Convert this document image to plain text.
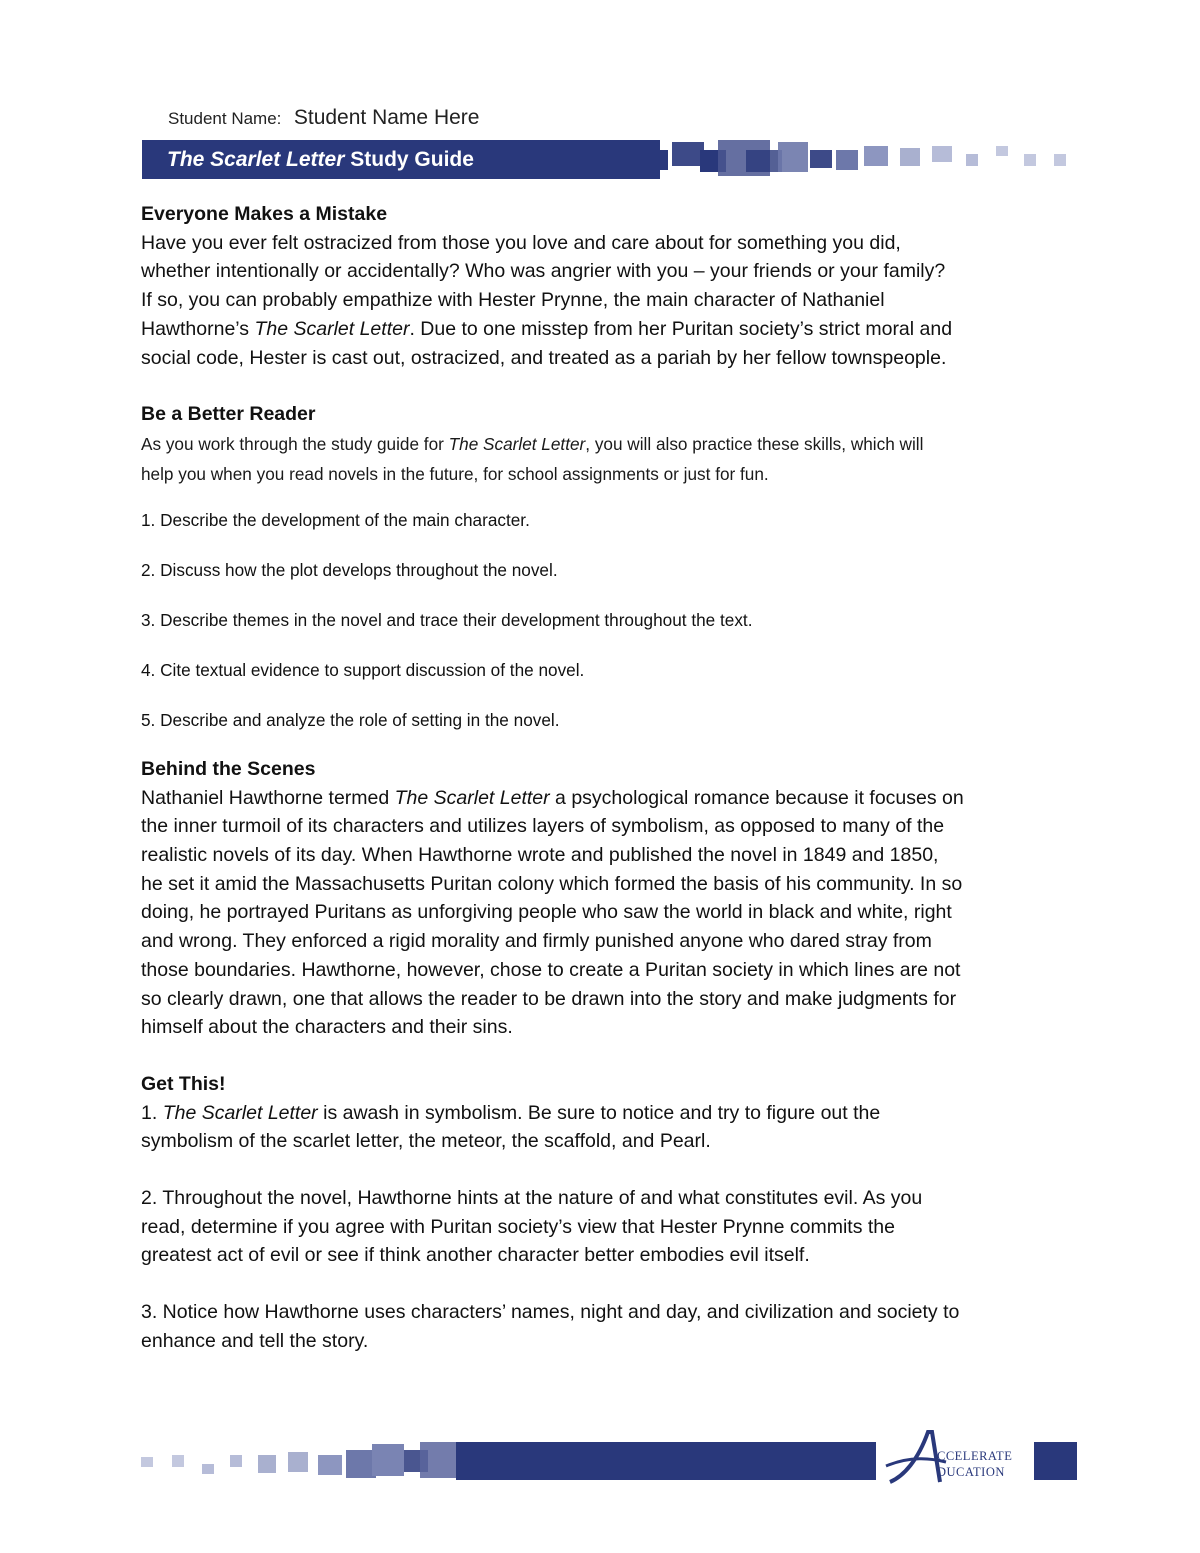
Student Name: Student Name Here
The Scarlet Letter Study Guide

Everyone Makes a Mistake

Have you ever felt ostracized from those you love and care about for something you did,

whether intentionally or accidentally? Who was angrier with you – your friends or your family?

If so, you can probably empathize with Hester Prynne, the main character of Nathaniel

Hawthorne’s The Scarlet Letter. Due to one misstep from her Puritan society’s strict moral and

social code, Hester is cast out, ostracized, and treated as a pariah by her fellow townspeople.

Be a Better Reader

As you work through the study guide for The Scarlet Letter, you will also practice these skills, which will

help you when you read novels in the future, for school assignments or just for fun.

1. Describe the development of the main character.
2. Discuss how the plot develops throughout the novel.
3. Describe themes in the novel and trace their development throughout the text.
4. Cite textual evidence to support discussion of the novel.
5. Describe and analyze the role of setting in the novel.

Behind the Scenes

Nathaniel Hawthorne termed The Scarlet Letter a psychological romance because it focuses on

the inner turmoil of its characters and utilizes layers of symbolism, as opposed to many of the

realistic novels of its day. When Hawthorne wrote and published the novel in 1849 and 1850,

he set it amid the Massachusetts Puritan colony which formed the basis of his community. In so

doing, he portrayed Puritans as unforgiving people who saw the world in black and white, right

and wrong. They enforced a rigid morality and firmly punished anyone who dared stray from

those boundaries. Hawthorne, however, chose to create a Puritan society in which lines are not

so clearly drawn, one that allows the reader to be drawn into the story and make judgments for

himself about the characters and their sins.

Get This!

1. The Scarlet Letter is awash in symbolism. Be sure to notice and try to figure out the

symbolism of the scarlet letter, the meteor, the scaffold, and Pearl.

2. Throughout the novel, Hawthorne hints at the nature of and what constitutes evil. As you

read, determine if you agree with Puritan society’s view that Hester Prynne commits the

greatest act of evil or see if think another character better embodies evil itself.

3. Notice how Hawthorne uses characters’ names, night and day, and civilization and society to

enhance and tell the story.

CCELERATE
DUCATION
